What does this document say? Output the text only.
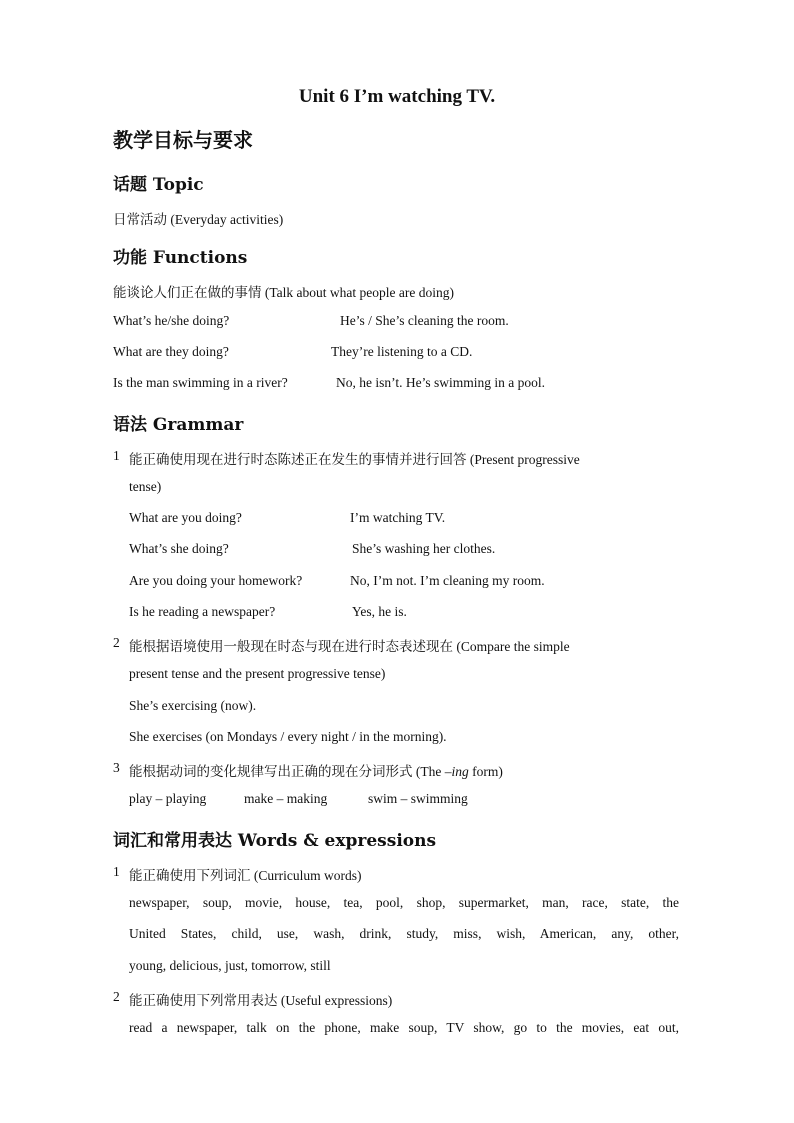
Unit 6 I’m watching TV.
教学目标与要求
话题 Topic
日常活动 (Everyday activities)
功能 Functions
能谈论人们正在做的事情 (Talk about what people are doing)
What’s he/she doing?	He’s / She’s cleaning the room.
What are they doing?	They’re listening to a CD.
Is the man swimming in a river?	No, he isn’t. He’s swimming in a pool.
语法 Grammar
1 能正确使用现在进行时态陈述正在发生的事情并进行回答 (Present progressive
tense)
What are you doing?	I’m watching TV.
What’s she doing?	She’s washing her clothes.
Are you doing your homework?	No, I’m not. I’m cleaning my room.
Is he reading a newspaper?	Yes, he is.
2 能根据语境使用一般现在时态与现在进行时态表述现在 (Compare the simple
present tense and the present progressive tense)
She’s exercising (now).
She exercises (on Mondays / every night / in the morning).
3 能根据动词的变化规律写出正确的现在分词形式 (The –ing form)
play – playing	make – making	swim – swimming
词汇和常用表达 Words & expressions
1 能正确使用下列词汇 (Curriculum words)
newspaper, soup, movie, house, tea, pool, shop, supermarket, man, race, state, the
United States, child, use, wash, drink, study, miss, wish, American, any, other,
young, delicious, just, tomorrow, still
2 能正确使用下列常用表达 (Useful expressions)
read a newspaper, talk on the phone, make soup, TV show, go to the movies, eat out,
